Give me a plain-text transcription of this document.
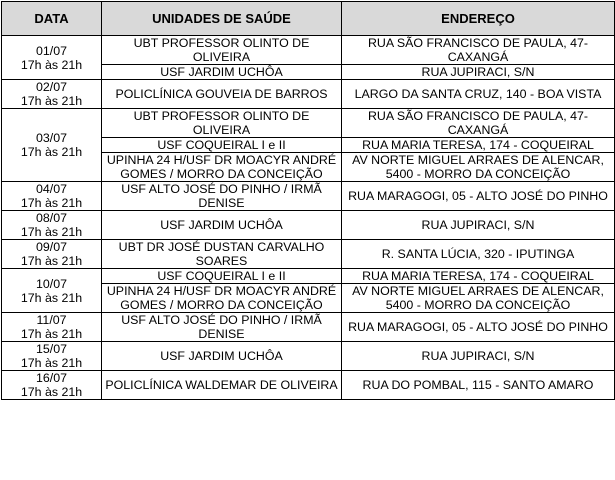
DATA	UNIDADES DE SAÚDE	ENDEREÇO

01/07
17h às 21h	UBT PROFESSOR OLINTO DE OLIVEIRA	RUA SÃO FRANCISCO DE PAULA, 47- CAXANGÁ
	USF JARDIM UCHÔA	RUA JUPIRACI, S/N

02/07
17h às 21h	POLICLÍNICA GOUVEIA DE BARROS	LARGO DA SANTA CRUZ, 140 - BOA VISTA

03/07
17h às 21h	UBT PROFESSOR OLINTO DE OLIVEIRA	RUA SÃO FRANCISCO DE PAULA, 47- CAXANGÁ
	USF COQUEIRAL I e II	RUA MARIA TERESA, 174 - COQUEIRAL
	UPINHA 24 H/USF DR MOACYR ANDRÉ GOMES / MORRO DA CONCEIÇÃO	AV NORTE MIGUEL ARRAES DE ALENCAR, 5400 - MORRO DA CONCEIÇÃO

04/07
17h às 21h	USF ALTO JOSÉ DO PINHO / IRMÃ DENISE	RUA MARAGOGI, 05 - ALTO JOSÉ DO PINHO

08/07
17h às 21h	USF JARDIM UCHÔA	RUA JUPIRACI, S/N

09/07
17h às 21h	UBT DR JOSÉ DUSTAN CARVALHO SOARES	R. SANTA LÚCIA, 320 - IPUTINGA

10/07
17h às 21h	USF COQUEIRAL I e II	RUA MARIA TERESA, 174 - COQUEIRAL
	UPINHA 24 H/USF DR MOACYR ANDRÉ GOMES / MORRO DA CONCEIÇÃO	AV NORTE MIGUEL ARRAES DE ALENCAR, 5400 - MORRO DA CONCEIÇÃO

11/07
17h às 21h	USF ALTO JOSÉ DO PINHO / IRMÃ DENISE	RUA MARAGOGI, 05 - ALTO JOSÉ DO PINHO

15/07
17h às 21h	USF JARDIM UCHÔA	RUA JUPIRACI, S/N

16/07
17h às 21h	POLICLÍNICA WALDEMAR DE OLIVEIRA	RUA DO POMBAL, 115 - SANTO AMARO
